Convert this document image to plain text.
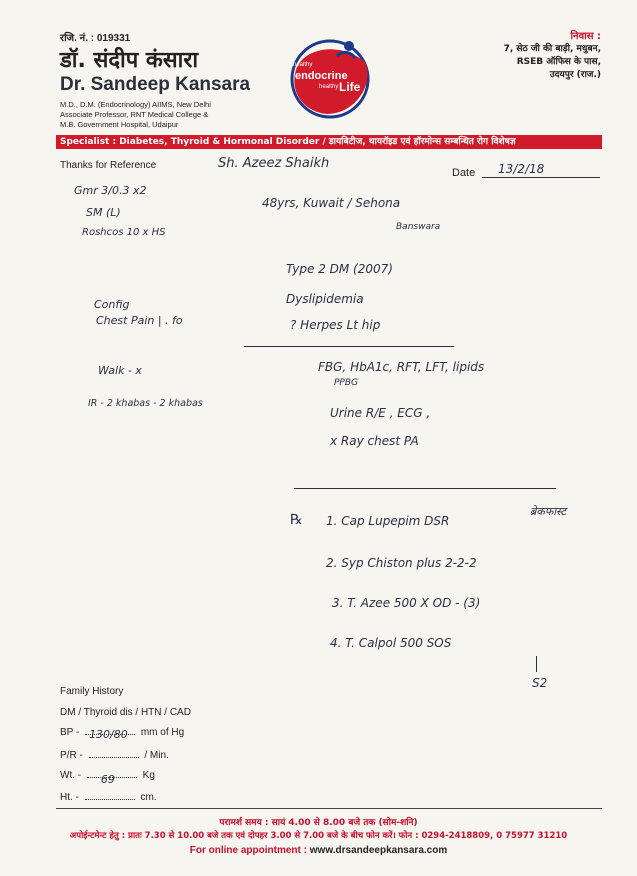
रजि. नं. : 019331
डॉ. संदीप कंसारा
Dr. Sandeep Kansara
M.D., D.M. (Endocrinology) AIIMS, New Delhi
Associate Professor, RNT Medical College &
M.B. Government Hospital, Udaipur
healthy
endocrine
healthy Life
निवास :
7, सेठ जी की बाड़ी, मधुबन,
RSEB ऑफिस के पास,
उदयपुर (राज.)
Specialist : Diabetes, Thyroid & Hormonal Disorder / डायबिटीज, थायरॉइड एवं हॉरमोन्स सम्बन्धित रोग विशेषज्ञ
Thanks for Reference
Date
Sh. Azeez Shaikh	13/2/18
48yrs, Kuwait / Sehona
Banswara
Gmr 3/0.3 x2
SM (L)
Roshcos 10 x HS
Type 2 DM (2007)
Dyslipidemia
? Herpes Lt hip
Config
Chest Pain | . fo
Walk - x
IR - 2 khabas - 2 khabas
FBG, HbA1c, RFT, LFT, lipids
PPBG
Urine R/E , ECG ,
x Ray chest PA
℞ 1. Cap Lupepim DSR
ब्रेकफास्ट
2. Syp Chiston plus 2-2-2
3. T. Azee 500 X OD - (3)
4. T. Calpol 500 SOS
S2
Family History
DM / Thyroid dis / HTN / CAD
BP - 130/80 mm of Hg
P/R -	/ Min.
Wt. - 69	Kg
Ht. -	cm.
परामर्श समय : सायं 4.00 से 8.00 बजे तक (सोम-शनि)
अपोईन्टमेन्ट हेतु : प्रातः 7.30 से 10.00 बजे तक एवं दोपहर 3.00 से 7.00 बजे के बीच फोन करें। फोन : 0294-2418809, 0 75977 31210
For online appointment : www.drsandeepkansara.com
